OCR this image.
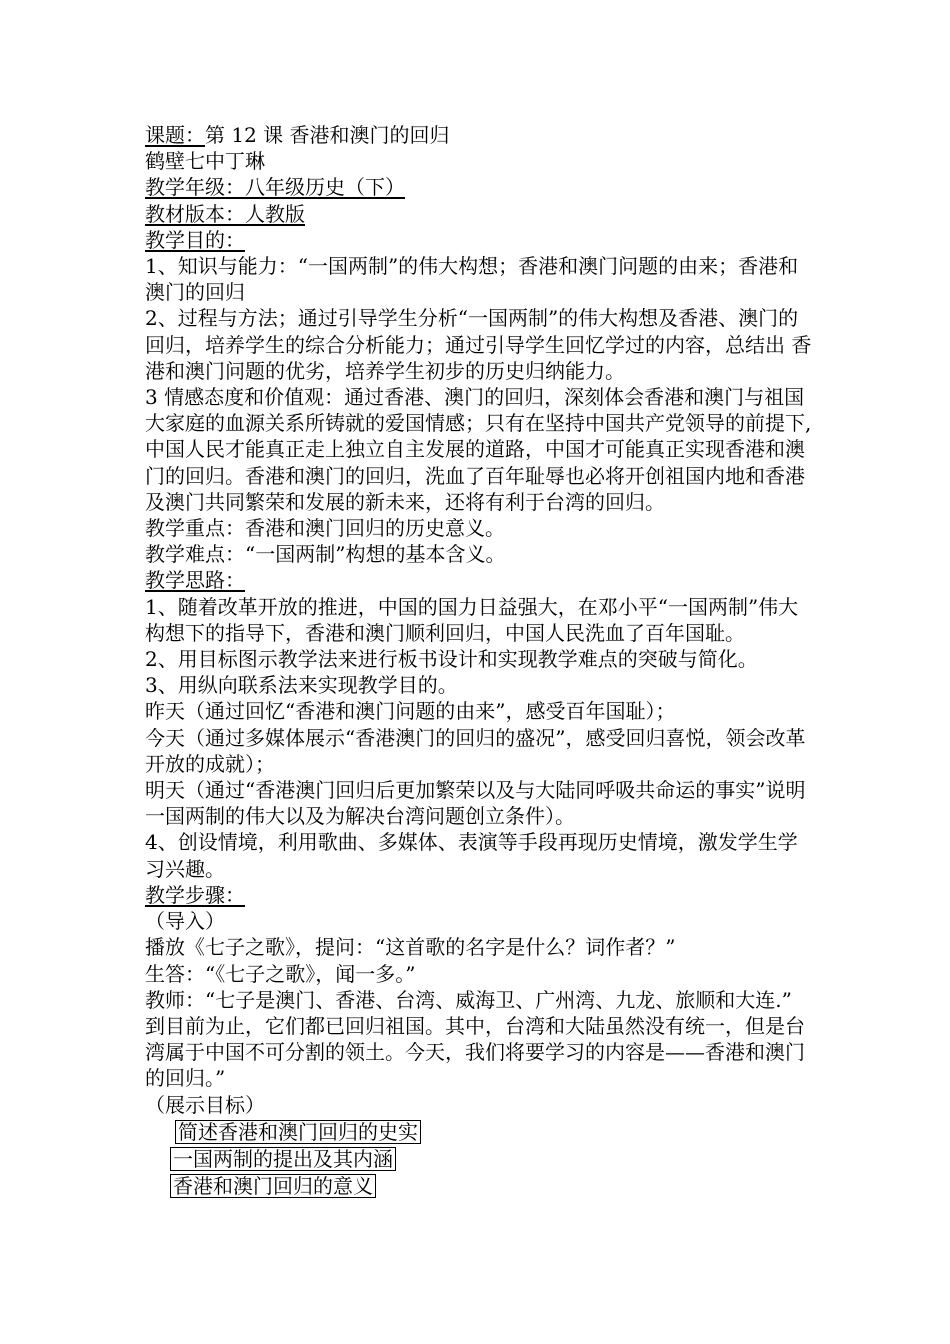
课题：第 12 课 香港和澳门的回归
鹤壁七中丁琳
教学年级：八年级历史（下）
教材版本：人教版
教学目的：
1、知识与能力：“一国两制”的伟大构想；香港和澳门问题的由来；香港和澳门的回归
2、过程与方法；通过引导学生分析“一国两制”的伟大构想及香港、澳门的回归，培养学生的综合分析能力；通过引导学生回忆学过的内容，总结出 香港和澳门问题的优劣，培养学生初步的历史归纳能力。
3 情感态度和价值观：通过香港、澳门的回归，深刻体会香港和澳门与祖国大家庭的血源关系所铸就的爱国情感；只有在坚持中国共产党领导的前提下,中国人民才能真正走上独立自主发展的道路，中国才可能真正实现香港和澳门的回归。香港和澳门的回归，洗血了百年耻辱也必将开创祖国内地和香港及澳门共同繁荣和发展的新未来，还将有利于台湾的回归。
教学重点：香港和澳门回归的历史意义。
教学难点：“一国两制”构想的基本含义。
教学思路：
1、随着改革开放的推进，中国的国力日益强大，在邓小平“一国两制”伟大构想下的指导下，香港和澳门顺利回归，中国人民洗血了百年国耻。
2、用目标图示教学法来进行板书设计和实现教学难点的突破与简化。
3、用纵向联系法来实现教学目的。
昨天（通过回忆“香港和澳门问题的由来”，感受百年国耻）；
今天（通过多媒体展示“香港澳门的回归的盛况”，感受回归喜悦，领会改革开放的成就）；
明天（通过“香港澳门回归后更加繁荣以及与大陆同呼吸共命运的事实”说明一国两制的伟大以及为解决台湾问题创立条件）。
4、创设情境，利用歌曲、多媒体、表演等手段再现历史情境，激发学生学习兴趣。
教学步骤：
（导入）
播放《七子之歌》，提问：“这首歌的名字是什么？词作者？”
生答：“《七子之歌》，闻一多。”
教师：“七子是澳门、香港、台湾、威海卫、广州湾、九龙、旅顺和大连.”
到目前为止，它们都已回归祖国。其中，台湾和大陆虽然没有统一，但是台湾属于中国不可分割的领土。今天，我们将要学习的内容是——香港和澳门的回归。”
（展示目标）
简述香港和澳门回归的史实
一国两制的提出及其内涵
香港和澳门回归的意义
